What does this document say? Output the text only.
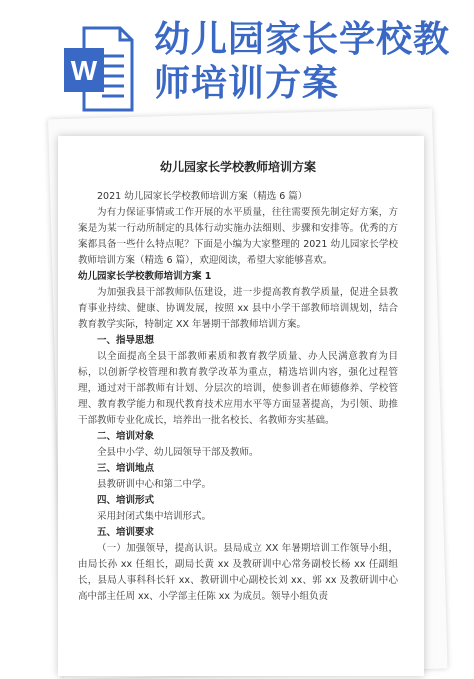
W
幼儿园家长学校教
师培训方案
幼儿园家长学校教师培训方案

2021 幼儿园家长学校教师培训方案（精选 6 篇）

为有力保证事情或工作开展的水平质量，往往需要预先制定好方案，方案是为某一行动所制定的具体行动实施办法细则、步骤和安排等。优秀的方案都具备一些什么特点呢？下面是小编为大家整理的 2021 幼儿园家长学校教师培训方案（精选 6 篇），欢迎阅读，希望大家能够喜欢。

幼儿园家长学校教师培训方案 1

为加强我县干部教师队伍建设，进一步提高教育教学质量，促进全县教育事业持续、健康、协调发展，按照 xx 县中小学干部教师培训规划，结合教育教学实际，特制定 XX 年暑期干部教师培训方案。

一、指导思想

以全面提高全县干部教师素质和教育教学质量、办人民满意教育为目标，以创新学校管理和教育教学改革为重点，精选培训内容，强化过程管理，通过对干部教师有计划、分层次的培训，使参训者在师德修养、学校管理、教育教学能力和现代教育技术应用水平等方面显著提高，为引领、助推干部教师专业化成长，培养出一批名校长、名教师夯实基础。

二、培训对象

全县中小学、幼儿园领导干部及教师。

三、培训地点

县教研训中心和第二中学。

四、培训形式

采用封闭式集中培训形式。

五、培训要求

（一）加强领导，提高认识。县局成立 XX 年暑期培训工作领导小组，由局长孙 xx 任组长，副局长黄 xx 及教研训中心常务副校长杨 xx 任副组长，县局人事科科长轩 xx、教研训中心副校长刘 xx、郭 xx 及教研训中心高中部主任周 xx、小学部主任陈 xx 为成员。领导小组负责
